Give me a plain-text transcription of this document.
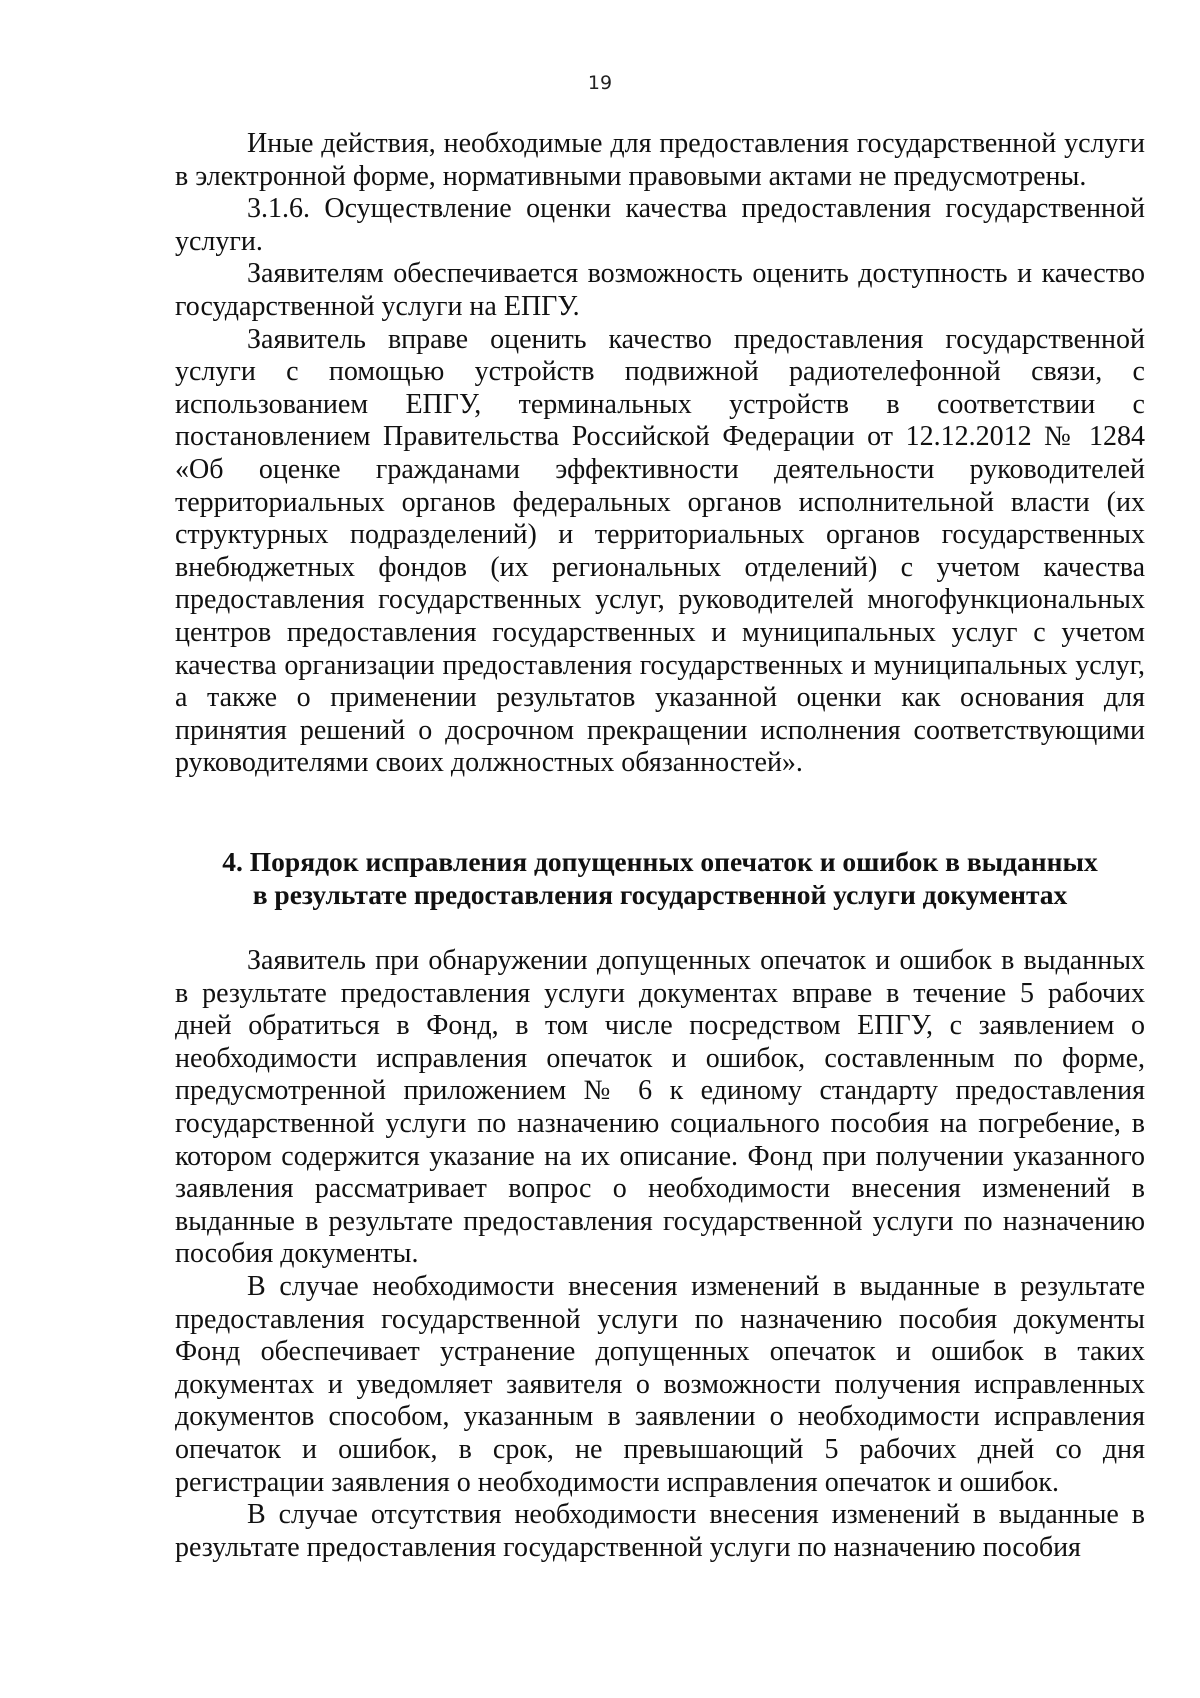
19

Иные действия, необходимые для предоставления государственной услуги в электронной форме, нормативными правовыми актами не предусмотрены.

3.1.6. Осуществление оценки качества предоставления государственной услуги.

Заявителям обеспечивается возможность оценить доступность и качество государственной услуги на ЕПГУ.

Заявитель вправе оценить качество предоставления государственной услуги с помощью устройств подвижной радиотелефонной связи, с использованием ЕПГУ, терминальных устройств в соответствии с постановлением Правительства Российской Федерации от 12.12.2012 № 1284 «Об оценке гражданами эффективности деятельности руководителей территориальных органов федеральных органов исполнительной власти (их структурных подразделений) и территориальных органов государственных внебюджетных фондов (их региональных отделений) с учетом качества предоставления государственных услуг, руководителей многофункциональных центров предоставления государственных и муниципальных услуг с учетом качества организации предоставления государственных и муниципальных услуг, а также о применении результатов указанной оценки как основания для принятия решений о досрочном прекращении исполнения соответствующими руководителями своих должностных обязанностей».

4. Порядок исправления допущенных опечаток и ошибок в выданных
в результате предоставления государственной услуги документах

Заявитель при обнаружении допущенных опечаток и ошибок в выданных в результате предоставления услуги документах вправе в течение 5 рабочих дней обратиться в Фонд, в том числе посредством ЕПГУ, с заявлением о необходимости исправления опечаток и ошибок, составленным по форме, предусмотренной приложением № 6 к единому стандарту предоставления государственной услуги по назначению социального пособия на погребение, в котором содержится указание на их описание. Фонд при получении указанного заявления рассматривает вопрос о необходимости внесения изменений в выданные в результате предоставления государственной услуги по назначению пособия документы.

В случае необходимости внесения изменений в выданные в результате предоставления государственной услуги по назначению пособия документы Фонд обеспечивает устранение допущенных опечаток и ошибок в таких документах и уведомляет заявителя о возможности получения исправленных документов способом, указанным в заявлении о необходимости исправления опечаток и ошибок, в срок, не превышающий 5 рабочих дней со дня регистрации заявления о необходимости исправления опечаток и ошибок.

В случае отсутствия необходимости внесения изменений в выданные в результате предоставления государственной услуги по назначению пособия
